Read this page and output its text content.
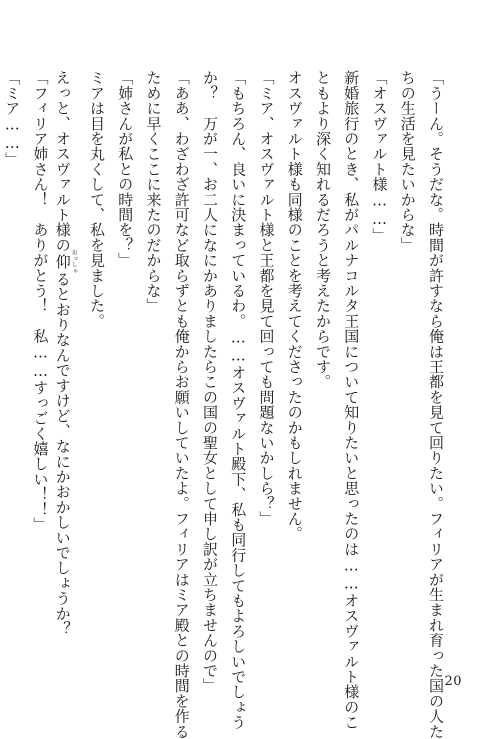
「うーん。そうだな。時間が許すなら俺は王都を見て回りたい。フィリアが生まれ育った国の人た
ちの生活を見たいからな」
「オスヴァルト様……」
新婚旅行のとき、私がパルナコルタ王国について知りたいと思ったのは……オスヴァルト様のこ
ともより深く知れるだろうと考えたからです。
オスヴァルト様も同様のことを考えてくださったのかもしれません。
「ミア、オスヴァルト様と王都を見て回っても問題ないかしら？」
「もちろん、良いに決まっているわ。……オスヴァルト殿下、私も同行してもよろしいでしょう
か？　万が一、お二人になにかありましたらこの国の聖女として申し訳が立ちませんので」
「ああ、わざわざ許可など取らずとも俺からお願いしていたよ。フィリアはミア殿との時間を作る
ために早くここに来たのだからな」
「姉さんが私との時間を？」
ミアは目を丸くして、私を見ました。
えっと、オスヴァルト様の仰おっしゃるとおりなんですけど、なにかおかしいでしょうか？
「フィリア姉さん！　ありがとう！　私……すっごく嬉しい！！」
「ミア……」
20
